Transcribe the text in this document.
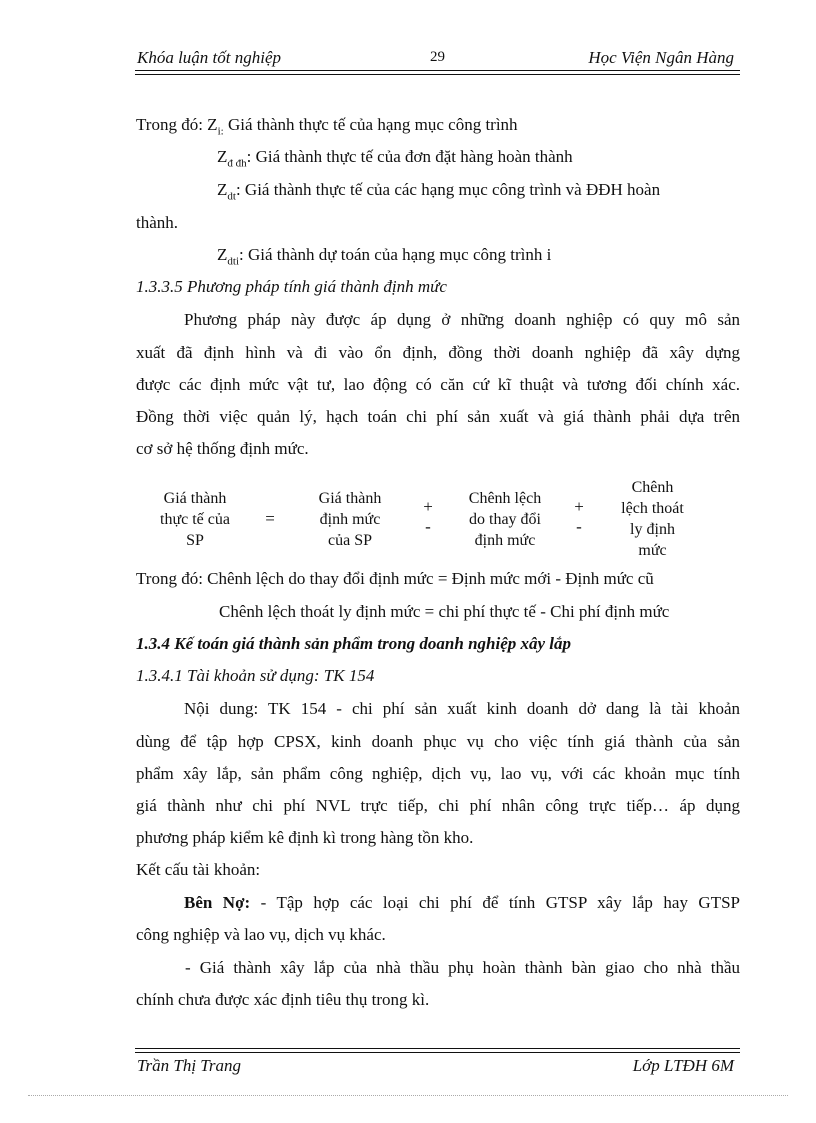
Khóa luận tốt nghiệp	29	Học Viện Ngân Hàng
Trong đó: $Z_{i:}$ Giá thành thực tế của hạng mục công trình
$Z_{đ đh}$: Giá thành thực tế của đơn đặt hàng hoàn thành
$Z_{dt}$: Giá thành thực tế của các hạng mục công trình và ĐĐH hoàn
thành.
$Z_{dti}$: Giá thành dự toán của hạng mục công trình i
1.3.3.5 Phương pháp tính giá thành định mức
Phương pháp này được áp dụng ở những doanh nghiệp có quy mô sản
xuất đã định hình và đi vào ổn định, đồng thời doanh nghiệp đã xây dựng
được các định mức vật tư, lao động có căn cứ kĩ thuật và tương đối chính xác.
Đồng thời việc quản lý, hạch toán chi phí sản xuất và giá thành phải dựa trên
cơ sở hệ thống định mức.
Giá thành
thực tế của
SP
=
Giá thành
định mức
của SP
+
-
Chênh lệch
do thay đổi
định mức
+
-
Chênh
lệch thoát
ly định
mức
Trong đó: Chênh lệch do thay đổi định mức = Định mức mới - Định mức cũ
Chênh lệch thoát ly định mức = chi phí thực tế - Chi phí định mức
1.3.4 Kế toán giá thành sản phẩm trong doanh nghiệp xây lắp
1.3.4.1 Tài khoản sử dụng: TK 154
Nội dung: TK 154 - chi phí sản xuất kinh doanh dở dang là tài khoản
dùng để tập hợp CPSX, kinh doanh phục vụ cho việc tính giá thành của sản
phẩm xây lắp, sản phẩm công nghiệp, dịch vụ, lao vụ, với các khoản mục tính
giá thành như chi phí NVL trực tiếp, chi phí nhân công trực tiếp… áp dụng
phương pháp kiểm kê định kì trong hàng tồn kho.
Kết cấu tài khoản:
Bên Nợ: - Tập hợp các loại chi phí để tính GTSP xây lắp hay GTSP
công nghiệp và lao vụ, dịch vụ khác.
- Giá thành xây lắp của nhà thầu phụ hoàn thành bàn giao cho nhà thầu
chính chưa được xác định tiêu thụ trong kì.
Trần Thị Trang	Lớp LTĐH 6M
